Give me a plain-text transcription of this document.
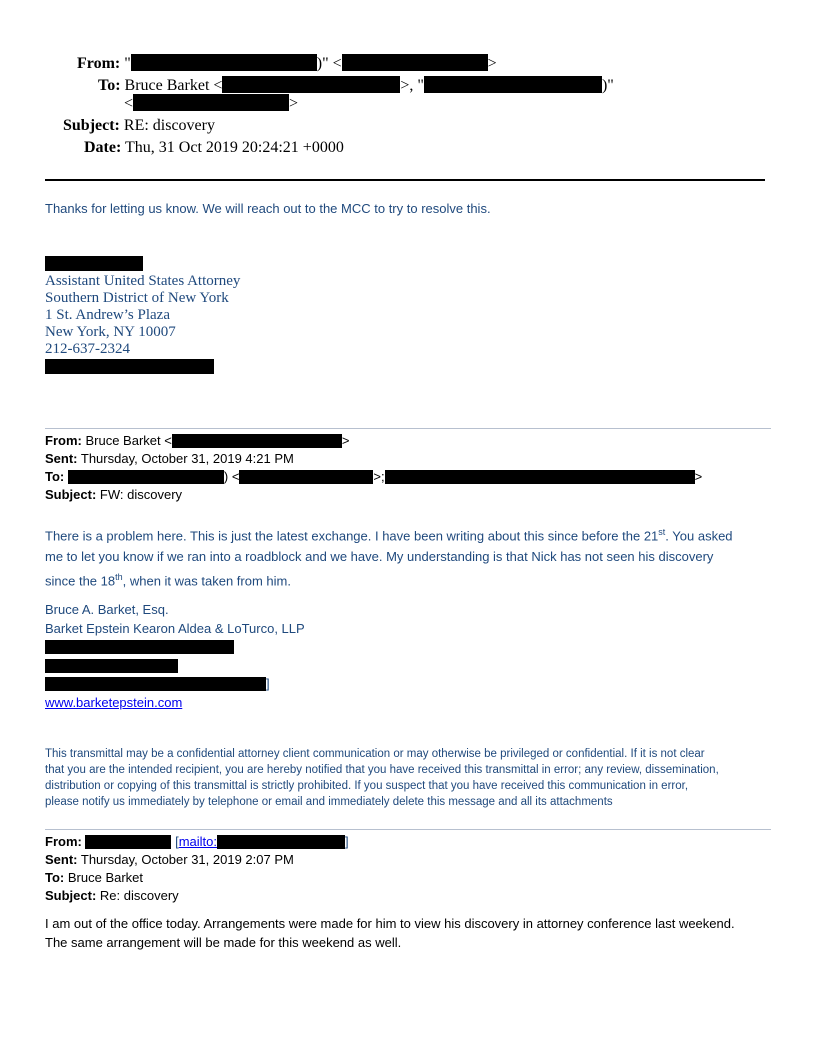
From: "	)" <	>
To: Bruce Barket <	>, "	)"
<	>
Subject: RE: discovery
Date: Thu, 31 Oct 2019 20:24:21 +0000
Thanks for letting us know. We will reach out to the MCC to try to resolve this.
Assistant United States Attorney
Southern District of New York
1 St. Andrew’s Plaza
New York, NY 10007
212-637-2324
From: Bruce Barket <	>
Sent: Thursday, October 31, 2019 4:21 PM
To:	) <	>;	>
Subject: FW: discovery
There is a problem here. This is just the latest exchange. I have been writing about this since before the 21st. You asked
me to let you know if we ran into a roadblock and we have. My understanding is that Nick has not seen his discovery
since the 18th, when it was taken from him.
Bruce A. Barket, Esq.
Barket Epstein Kearon Aldea & LoTurco, LLP
]
www.barketepstein.com
This transmittal may be a confidential attorney client communication or may otherwise be privileged or confidential. If it is not clear
that you are the intended recipient, you are hereby notified that you have received this transmittal in error; any review, dissemination,
distribution or copying of this transmittal is strictly prohibited. If you suspect that you have received this communication in error,
please notify us immediately by telephone or email and immediately delete this message and all its attachments
From:	[mailto:	]
Sent: Thursday, October 31, 2019 2:07 PM
To: Bruce Barket
Subject: Re: discovery
I am out of the office today. Arrangements were made for him to view his discovery in attorney conference last weekend.
The same arrangement will be made for this weekend as well.
